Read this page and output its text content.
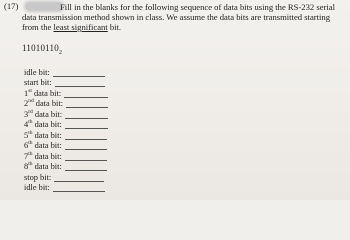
(17)	Fill in the blanks for the following sequence of data bits using the RS-232 serial
data transmission method shown in class. We assume the data bits are transmitted starting
from the least significant bit.
$11010110_2$
idle bit:
start bit:
1st data bit:
2nd data bit:
3rd data bit:
4th data bit:
5th data bit:
6th data bit:
7th data bit:
8th data bit:
stop bit:
idle bit:
